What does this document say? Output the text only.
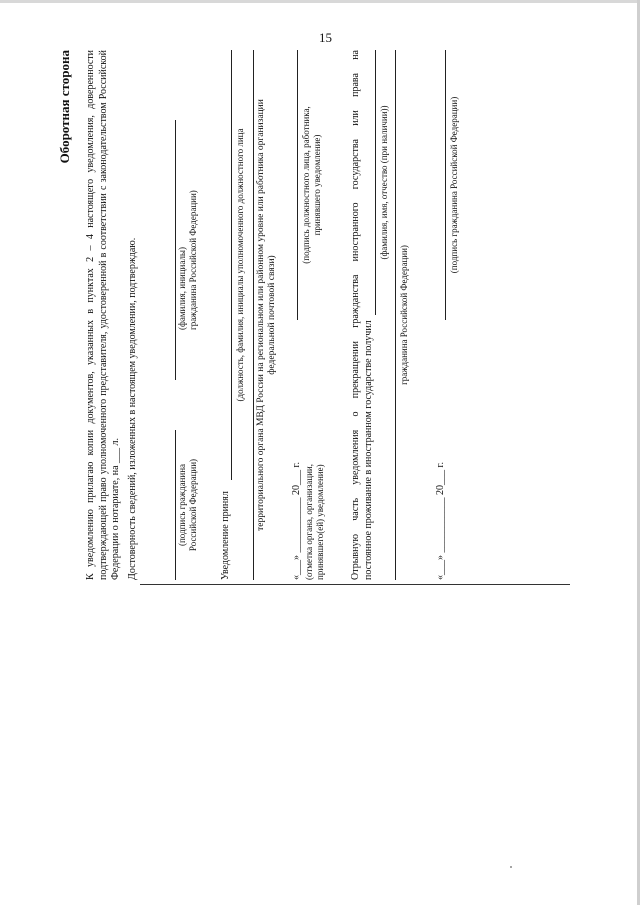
15
Оборотная сторона К уведомлению прилагаю копии документов, указанных в пунктах 2 – 4 настоящего уведомления, доверенности подтверждающей право уполномоченного представителя, удостоверенной в соответствии с законодательством Российской Федерации о нотариате, на ___ л. Достоверность сведений, изложенных в настоящем уведомлении, подтверждаю.	(подпись гражданина Российской Федерации)
(фамилия, инициалы) гражданина Российской Федерации)
Уведомление принял
(должность, фамилия, инициалы уполномоченного должностного лица территориального органа МВД России на региональном или районном уровне или работника организации федеральной почтовой связи)
«___» ___________ 20___ г. (отметка органа, организации, принявшего(ей) уведомление)
(подпись должностного лица, работника, принявшего уведомление)	Отрывную часть уведомления о прекращении гражданства иностранного государства или права на постоянное проживание в иностранном государстве получил
(фамилия, имя, отчество (при наличии))
гражданина Российской Федерации)
«___» ___________ 20___ г.
(подпись гражданина Российской Федерации)
